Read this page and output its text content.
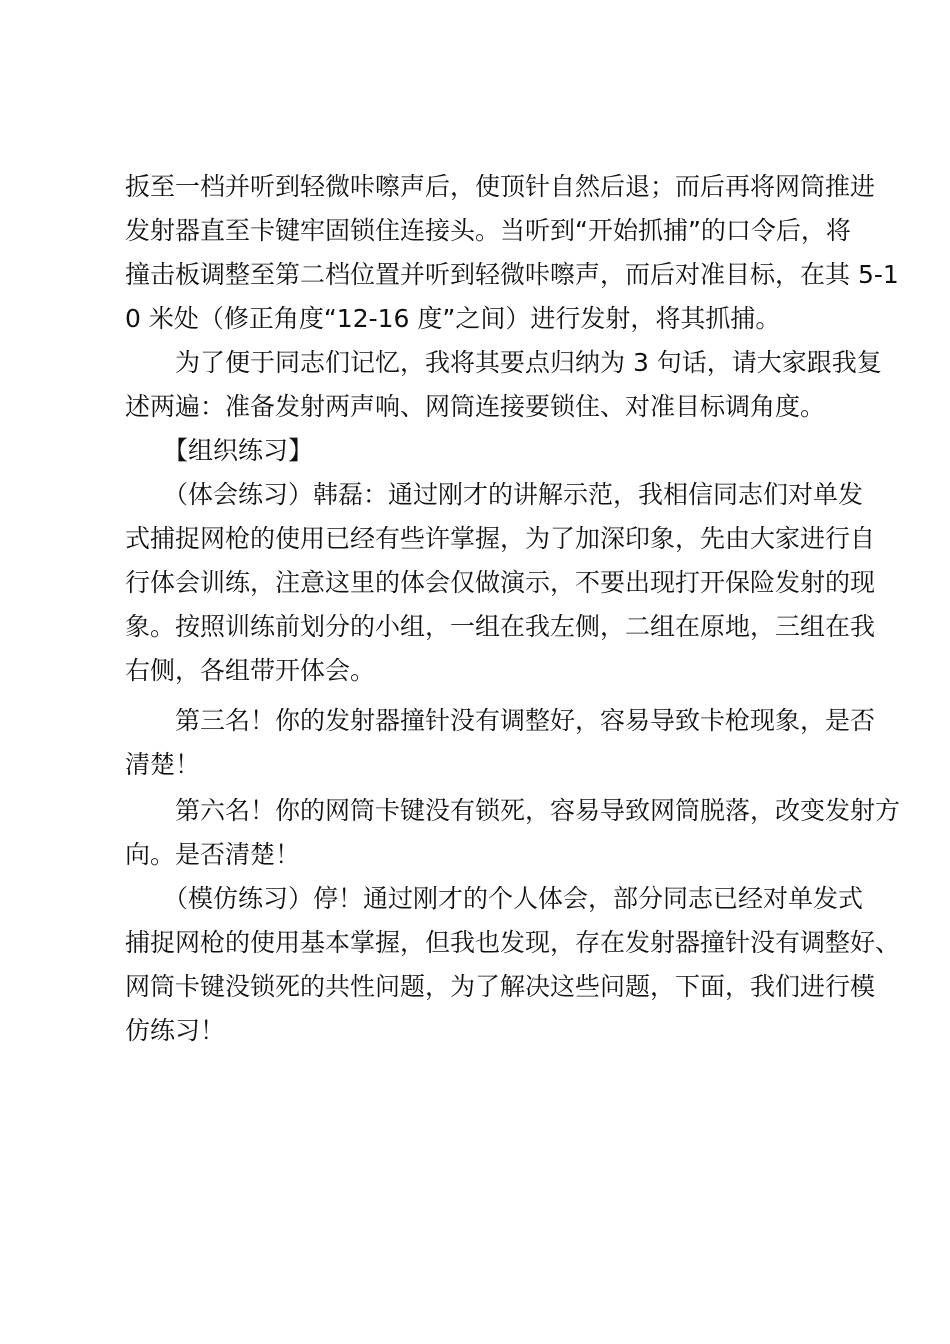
扳至一档并听到轻微咔嚓声后，使顶针自然后退；而后再将网筒推进
发射器直至卡键牢固锁住连接头。当听到“开始抓捕”的口令后，将
撞击板调整至第二档位置并听到轻微咔嚓声，而后对准目标，在其 5-1
0 米处（修正角度“12-16 度”之间）进行发射，将其抓捕。
为了便于同志们记忆，我将其要点归纳为 3 句话，请大家跟我复
述两遍：准备发射两声响、网筒连接要锁住、对准目标调角度。
【组织练习】
（体会练习）韩磊：通过刚才的讲解示范，我相信同志们对单发
式捕捉网枪的使用已经有些许掌握，为了加深印象，先由大家进行自
行体会训练，注意这里的体会仅做演示，不要出现打开保险发射的现
象。按照训练前划分的小组，一组在我左侧，二组在原地，三组在我
右侧，各组带开体会。
第三名！你的发射器撞针没有调整好，容易导致卡枪现象，是否
清楚！
第六名！你的网筒卡键没有锁死，容易导致网筒脱落，改变发射方
向。是否清楚！
（模仿练习）停！通过刚才的个人体会，部分同志已经对单发式
捕捉网枪的使用基本掌握，但我也发现，存在发射器撞针没有调整好、
网筒卡键没锁死的共性问题，为了解决这些问题，下面，我们进行模
仿练习！
